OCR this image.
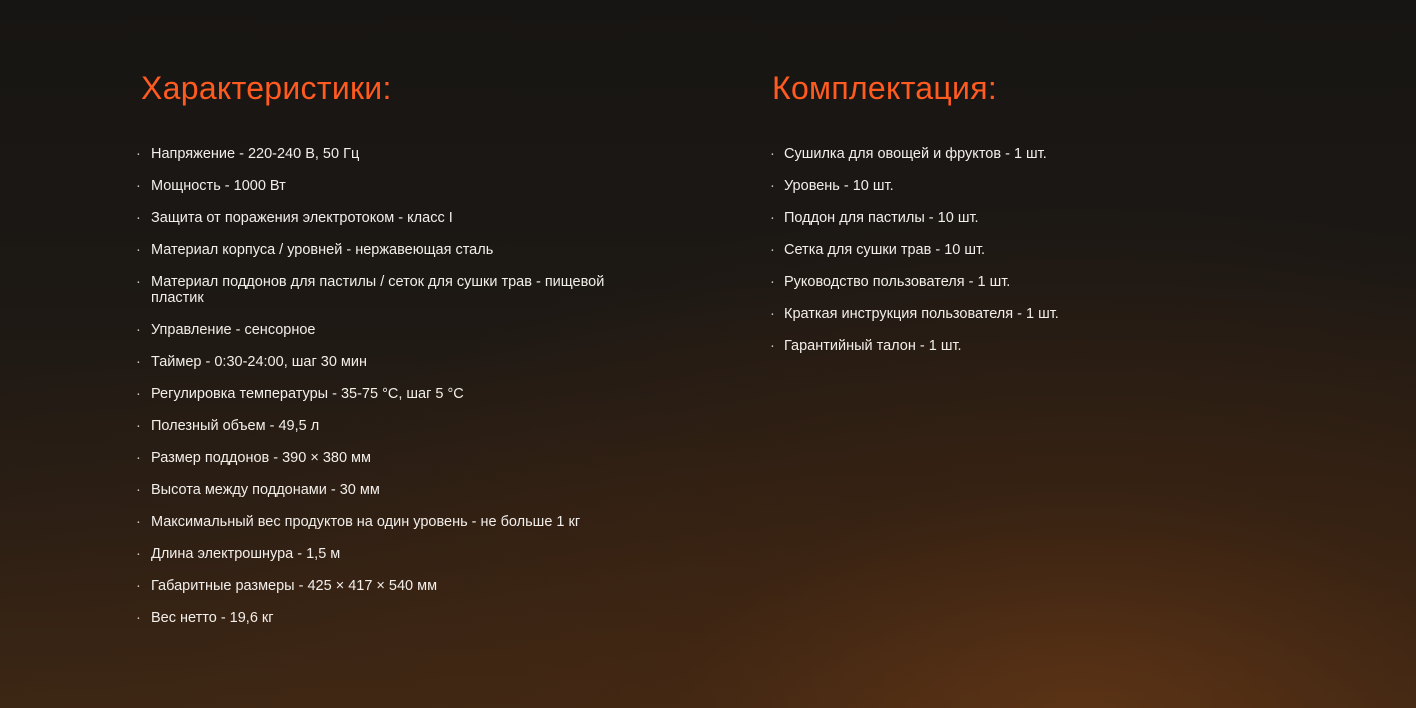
Характеристики:
· Напряжение - 220-240 В, 50 Гц
· Мощность - 1000 Вт
· Защита от поражения электротоком - класс I
· Материал корпуса / уровней - нержавеющая сталь
· Материал поддонов для пастилы / сеток для сушки трав - пищевой пластик
· Управление - сенсорное
· Таймер - 0:30-24:00, шаг 30 мин
· Регулировка температуры - 35-75 °С, шаг 5 °С
· Полезный объем - 49,5 л
· Размер поддонов - 390 × 380 мм
· Высота между поддонами - 30 мм
· Максимальный вес продуктов на один уровень - не больше 1 кг
· Длина электрошнура - 1,5 м
· Габаритные размеры - 425 × 417 × 540 мм
· Вес нетто - 19,6 кг
Комплектация:
· Сушилка для овощей и фруктов - 1 шт.
· Уровень - 10 шт.
· Поддон для пастилы - 10 шт.
· Сетка для сушки трав - 10 шт.
· Руководство пользователя - 1 шт.
· Краткая инструкция пользователя - 1 шт.
· Гарантийный талон - 1 шт.
